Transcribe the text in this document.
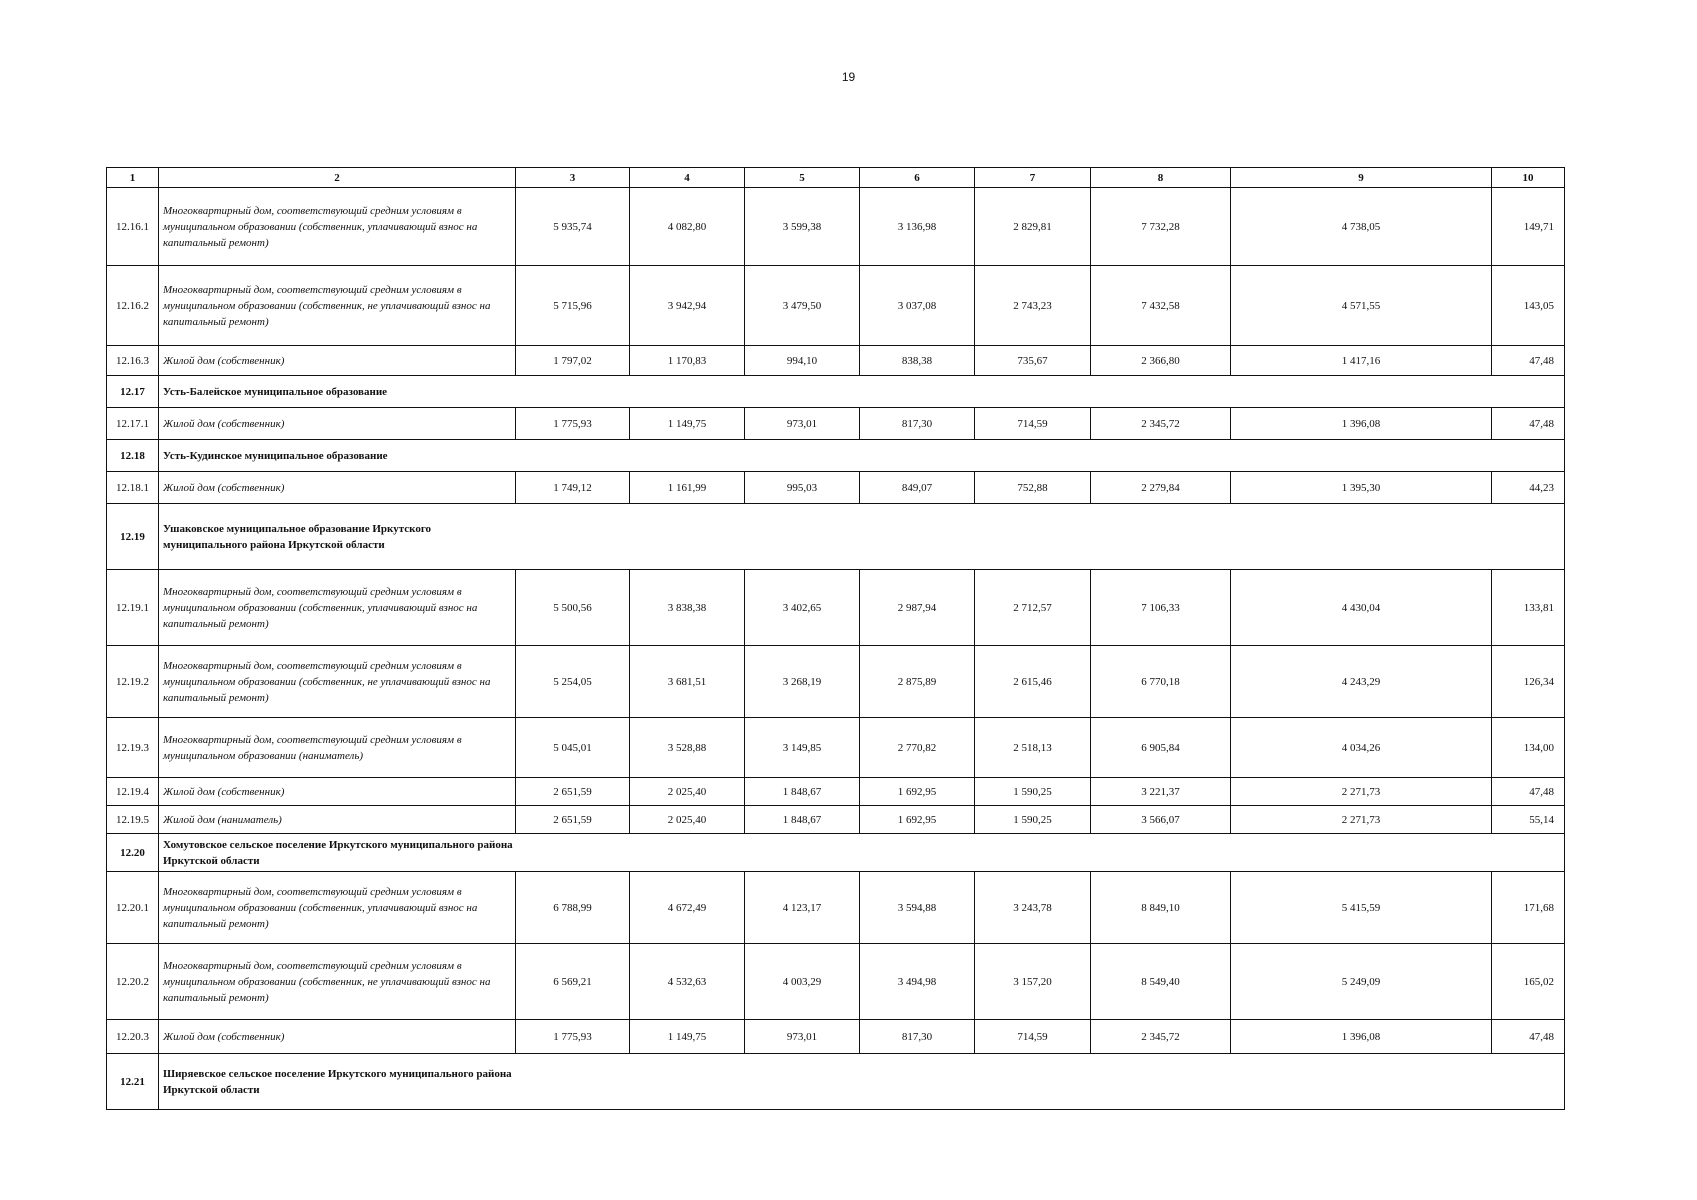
19
1	2	3	4	5	6	7	8	9	10
12.16.1	Многоквартирный дом, соответствующий средним условиям в муниципальном образовании (собственник, уплачивающий взнос на капитальный ремонт)	5 935,74	4 082,80	3 599,38	3 136,98	2 829,81	7 732,28	4 738,05	149,71
12.16.2	Многоквартирный дом, соответствующий средним условиям в муниципальном образовании (собственник, не уплачивающий взнос на капитальный ремонт)	5 715,96	3 942,94	3 479,50	3 037,08	2 743,23	7 432,58	4 571,55	143,05
12.16.3	Жилой дом (собственник)	1 797,02	1 170,83	994,10	838,38	735,67	2 366,80	1 417,16	47,48
12.17	Усть-Балейское муниципальное образование								
12.17.1	Жилой дом (собственник)	1 775,93	1 149,75	973,01	817,30	714,59	2 345,72	1 396,08	47,48
12.18	Усть-Кудинское муниципальное образование								
12.18.1	Жилой дом (собственник)	1 749,12	1 161,99	995,03	849,07	752,88	2 279,84	1 395,30	44,23
12.19	Ушаковское муниципальное образование Иркутского муниципального района Иркутской области								
12.19.1	Многоквартирный дом, соответствующий средним условиям в муниципальном образовании (собственник, уплачивающий взнос на капитальный ремонт)	5 500,56	3 838,38	3 402,65	2 987,94	2 712,57	7 106,33	4 430,04	133,81
12.19.2	Многоквартирный дом, соответствующий средним условиям в муниципальном образовании (собственник, не уплачивающий взнос на капитальный ремонт)	5 254,05	3 681,51	3 268,19	2 875,89	2 615,46	6 770,18	4 243,29	126,34
12.19.3	Многоквартирный дом, соответствующий средним условиям в муниципальном образовании (наниматель)	5 045,01	3 528,88	3 149,85	2 770,82	2 518,13	6 905,84	4 034,26	134,00
12.19.4	Жилой дом (собственник)	2 651,59	2 025,40	1 848,67	1 692,95	1 590,25	3 221,37	2 271,73	47,48
12.19.5	Жилой дом (наниматель)	2 651,59	2 025,40	1 848,67	1 692,95	1 590,25	3 566,07	2 271,73	55,14
12.20	Хомутовское сельское поселение Иркутского муниципального района Иркутской области								
12.20.1	Многоквартирный дом, соответствующий средним условиям в муниципальном образовании (собственник, уплачивающий взнос на капитальный ремонт)	6 788,99	4 672,49	4 123,17	3 594,88	3 243,78	8 849,10	5 415,59	171,68
12.20.2	Многоквартирный дом, соответствующий средним условиям в муниципальном образовании (собственник, не уплачивающий взнос на капитальный ремонт)	6 569,21	4 532,63	4 003,29	3 494,98	3 157,20	8 549,40	5 249,09	165,02
12.20.3	Жилой дом (собственник)	1 775,93	1 149,75	973,01	817,30	714,59	2 345,72	1 396,08	47,48
12.21	Ширяевское сельское поселение Иркутского муниципального района Иркутской области								
